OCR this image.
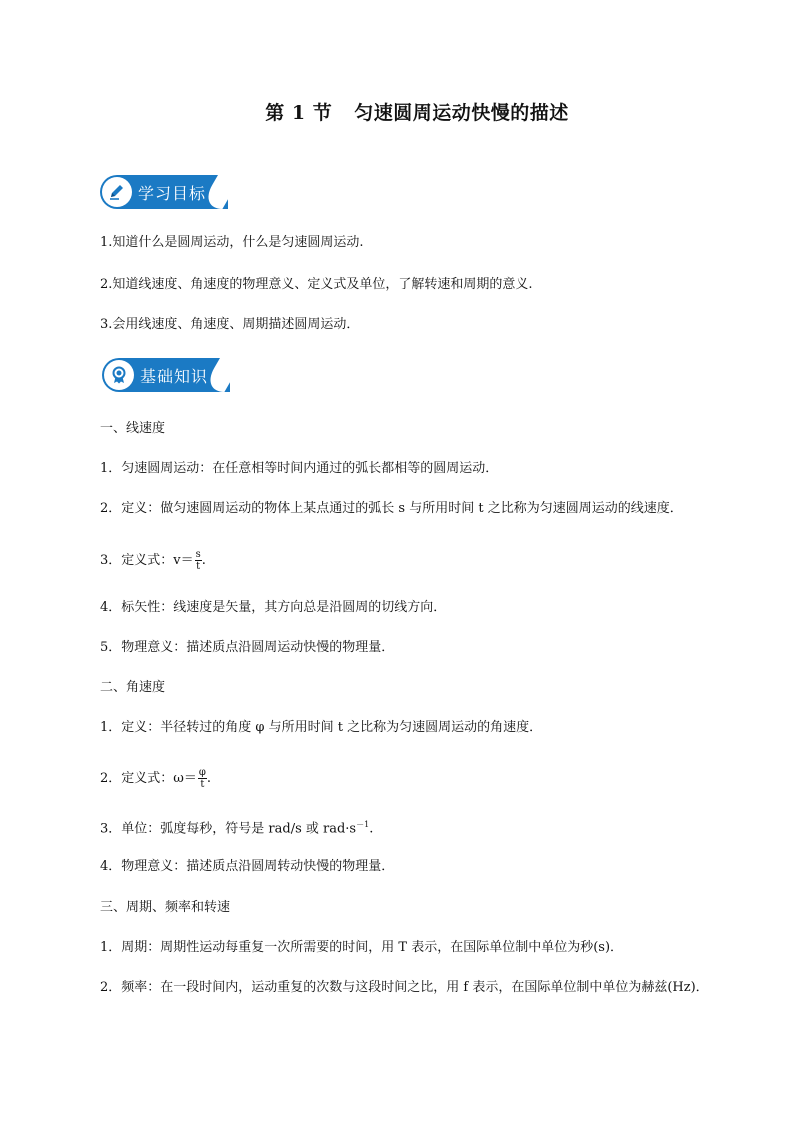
第 1 节 匀速圆周运动快慢的描述
学习目标
1.知道什么是圆周运动，什么是匀速圆周运动.
2.知道线速度、角速度的物理意义、定义式及单位，了解转速和周期的意义.
3.会用线速度、角速度、周期描述圆周运动．
基础知识
一、线速度
1．匀速圆周运动：在任意相等时间内通过的弧长都相等的圆周运动．
2．定义：做匀速圆周运动的物体上某点通过的弧长 s 与所用时间 t 之比称为匀速圆周运动的线速度．
3．定义式：$v= \frac{s}{t}$ .
4．标矢性：线速度是矢量，其方向总是沿圆周的切线方向．
5．物理意义：描述质点沿圆周运动快慢的物理量．
二、角速度
1．定义：半径转过的角度 φ 与所用时间 t 之比称为匀速圆周运动的角速度．
2．定义式：$\omega= \frac{\varphi}{t}$ .
3．单位：弧度每秒，符号是 rad/s 或 $rad\cdot s^{-1}$.
4．物理意义：描述质点沿圆周转动快慢的物理量．
三、周期、频率和转速
1．周期：周期性运动每重复一次所需要的时间，用 T 表示，在国际单位制中单位为秒(s)．
2．频率：在一段时间内，运动重复的次数与这段时间之比，用 f 表示，在国际单位制中单位为赫兹(Hz)．
